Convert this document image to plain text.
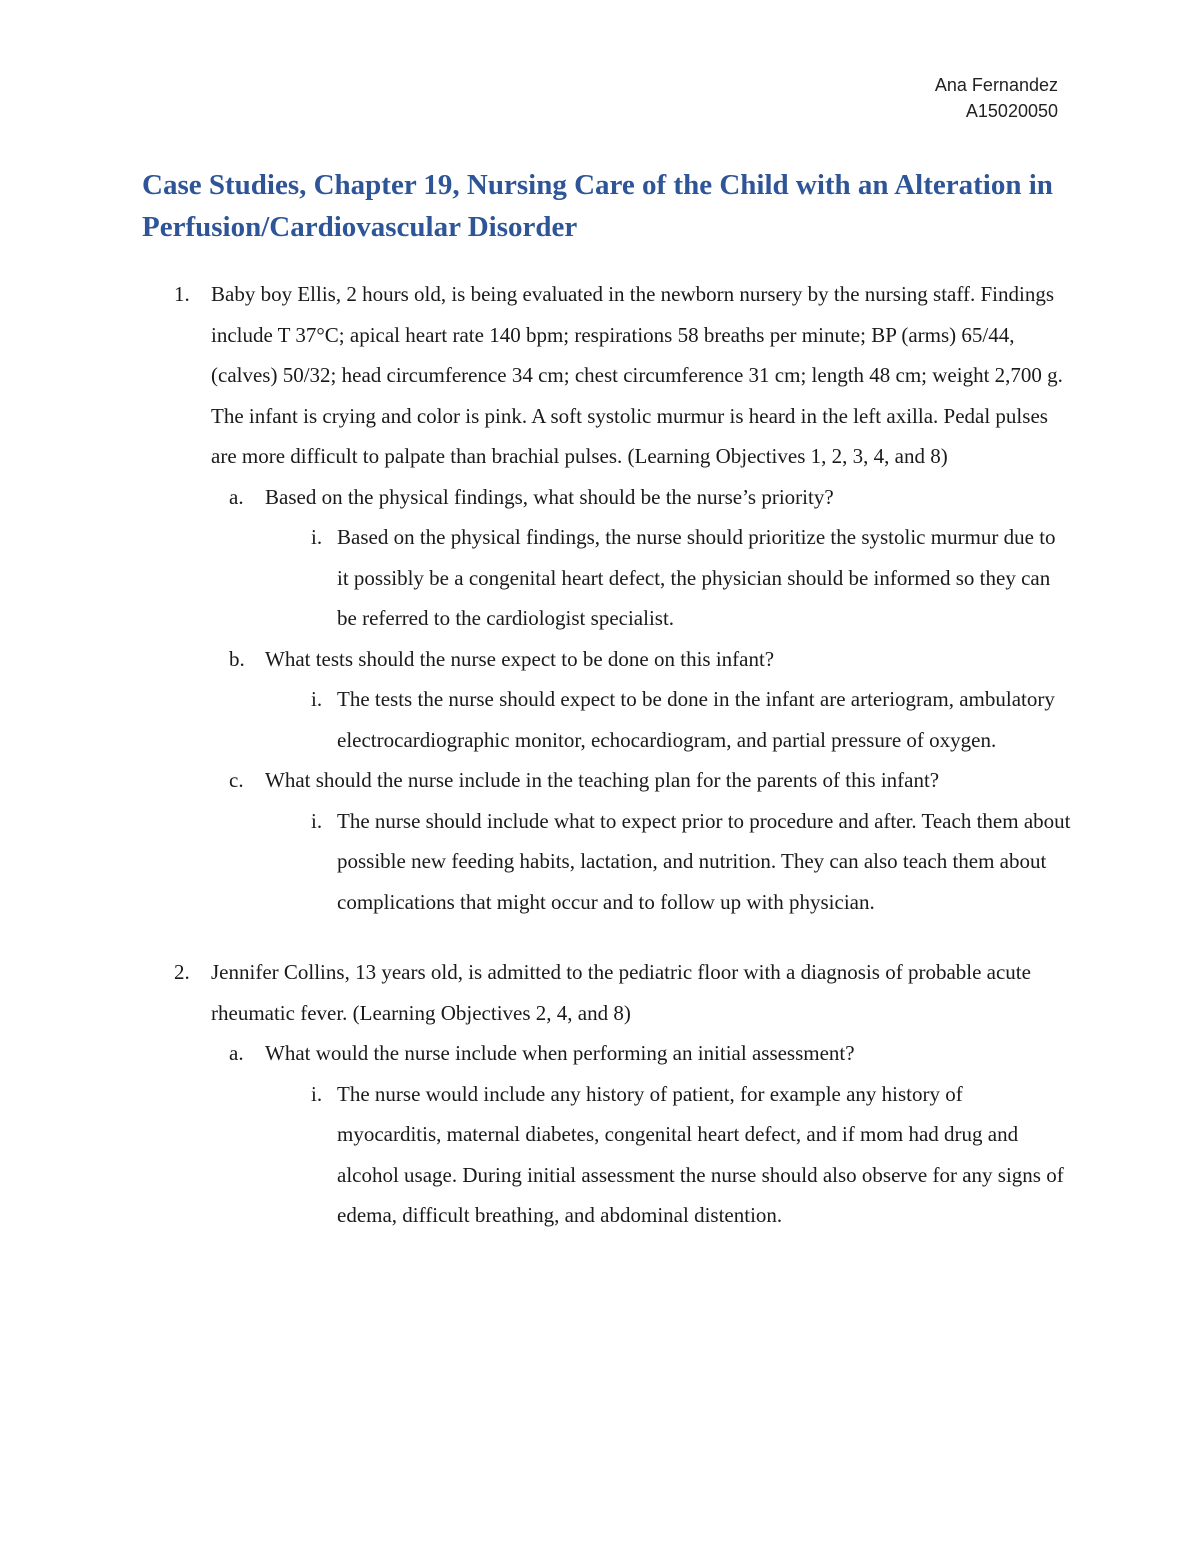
Ana Fernandez
A15020050
Case Studies, Chapter 19, Nursing Care of the Child with an Alteration in Perfusion/Cardiovascular Disorder
1. Baby boy Ellis, 2 hours old, is being evaluated in the newborn nursery by the nursing staff. Findings include T 37°C; apical heart rate 140 bpm; respirations 58 breaths per minute; BP (arms) 65/44, (calves) 50/32; head circumference 34 cm; chest circumference 31 cm; length 48 cm; weight 2,700 g. The infant is crying and color is pink. A soft systolic murmur is heard in the left axilla. Pedal pulses are more difficult to palpate than brachial pulses. (Learning Objectives 1, 2, 3, 4, and 8)
a. Based on the physical findings, what should be the nurse’s priority?
i. Based on the physical findings, the nurse should prioritize the systolic murmur due to it possibly be a congenital heart defect, the physician should be informed so they can be referred to the cardiologist specialist.
b. What tests should the nurse expect to be done on this infant?
i. The tests the nurse should expect to be done in the infant are arteriogram, ambulatory electrocardiographic monitor, echocardiogram, and partial pressure of oxygen.
c. What should the nurse include in the teaching plan for the parents of this infant?
i. The nurse should include what to expect prior to procedure and after. Teach them about possible new feeding habits, lactation, and nutrition. They can also teach them about complications that might occur and to follow up with physician.
2. Jennifer Collins, 13 years old, is admitted to the pediatric floor with a diagnosis of probable acute rheumatic fever. (Learning Objectives 2, 4, and 8)
a. What would the nurse include when performing an initial assessment?
i. The nurse would include any history of patient, for example any history of myocarditis, maternal diabetes, congenital heart defect, and if mom had drug and alcohol usage. During initial assessment the nurse should also observe for any signs of edema, difficult breathing, and abdominal distention.
